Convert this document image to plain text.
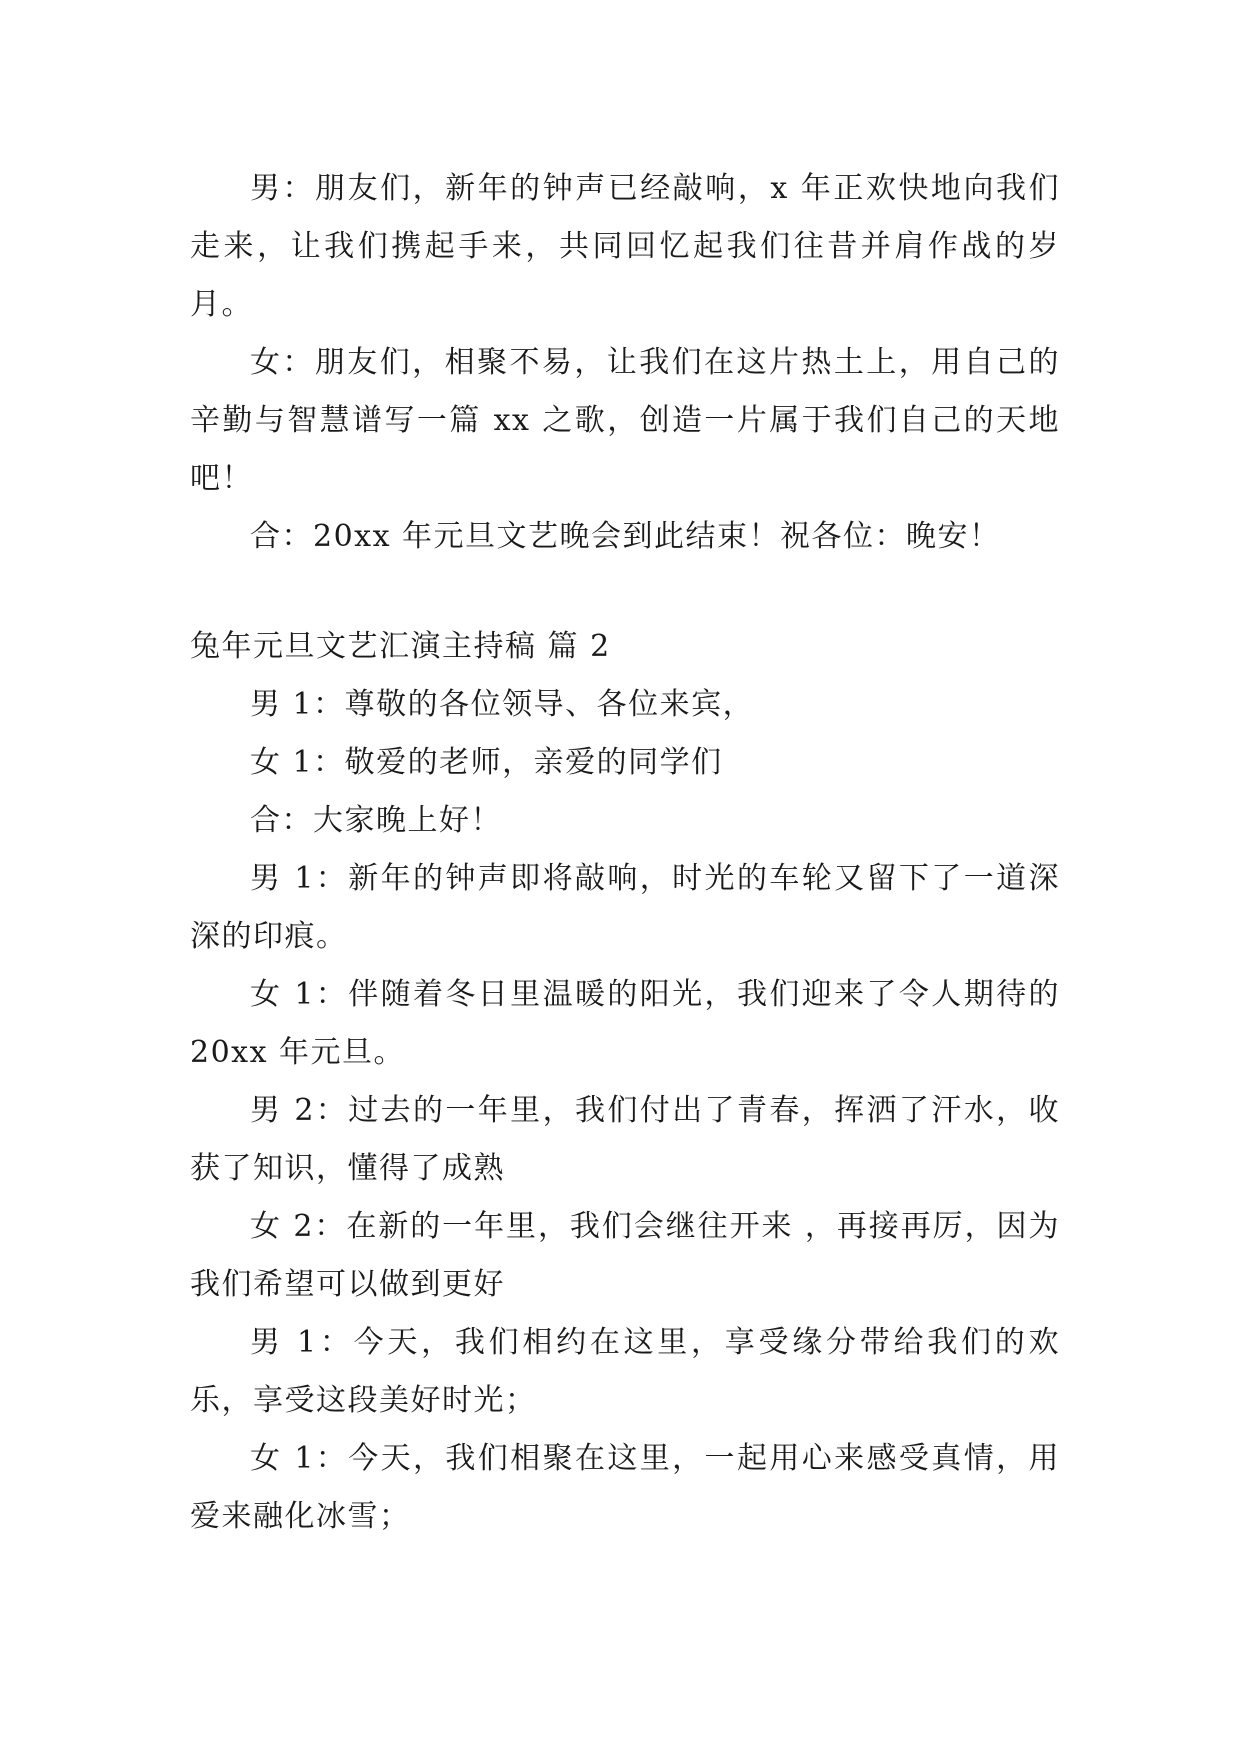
男：朋友们，新年的钟声已经敲响，x 年正欢快地向我们走来，让我们携起手来，共同回忆起我们往昔并肩作战的岁月。

女：朋友们，相聚不易，让我们在这片热土上，用自己的辛勤与智慧谱写一篇 xx 之歌，创造一片属于我们自己的天地吧！

合：20xx 年元旦文艺晚会到此结束！祝各位：晚安！

兔年元旦文艺汇演主持稿 篇 2

男 1：尊敬的各位领导、各位来宾，

女 1：敬爱的老师，亲爱的同学们

合：大家晚上好！

男 1：新年的钟声即将敲响，时光的车轮又留下了一道深深的印痕。

女 1：伴随着冬日里温暖的阳光，我们迎来了令人期待的 20xx 年元旦。

男 2：过去的一年里，我们付出了青春，挥洒了汗水，收获了知识，懂得了成熟

女 2：在新的一年里，我们会继往开来 ，再接再厉，因为我们希望可以做到更好

男 1：今天，我们相约在这里，享受缘分带给我们的欢乐，享受这段美好时光；

女 1：今天，我们相聚在这里，一起用心来感受真情，用爱来融化冰雪；
